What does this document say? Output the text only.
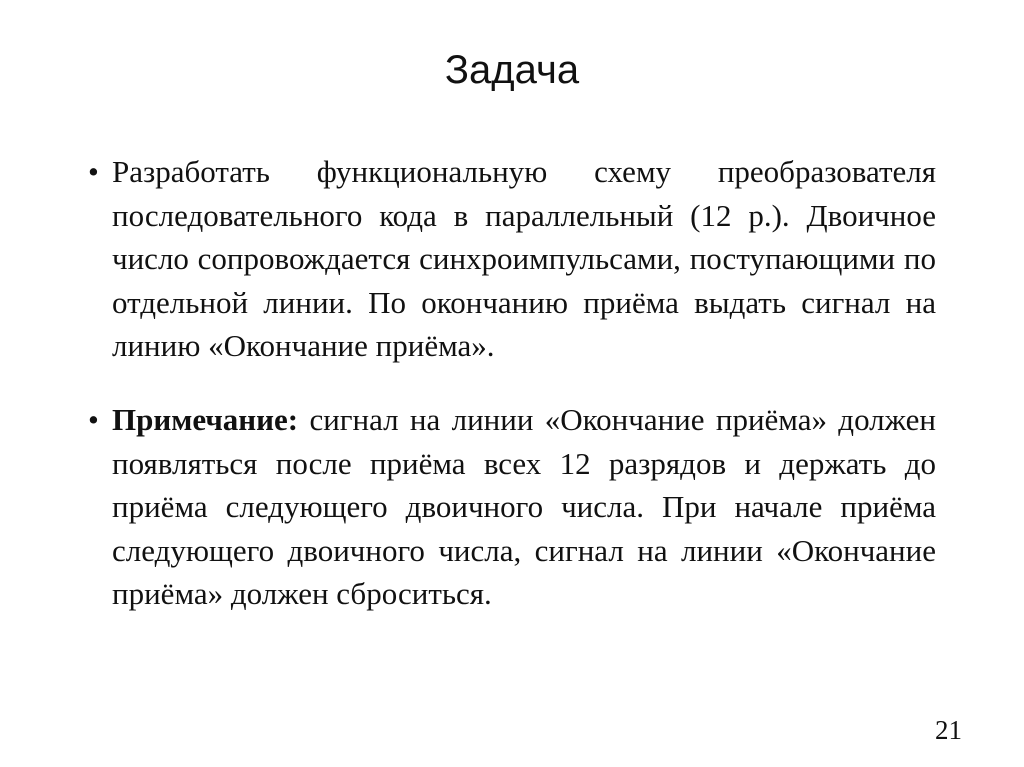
Задача
• Разработать функциональную схему преобразователя последовательного кода в параллельный (12 р.). Двоичное число сопровождается синхроимпульсами, поступающими по отдельной линии. По окончанию приёма выдать сигнал на линию «Окончание приёма».
• Примечание: сигнал на линии «Окончание приёма» должен появляться после приёма всех 12 разрядов и держать до приёма следующего двоичного числа. При начале приёма следующего двоичного числа, сигнал на линии «Окончание приёма» должен сброситься.
21
